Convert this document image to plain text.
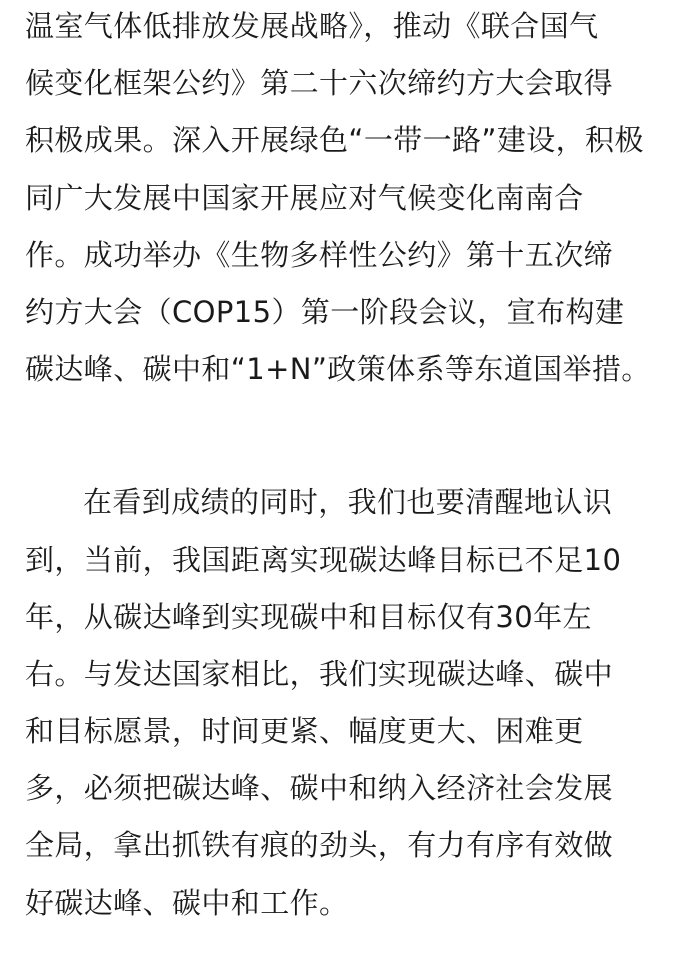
温室气体低排放发展战略》，推动《联合国气
候变化框架公约》第二十六次缔约方大会取得
积极成果。深入开展绿色“一带一路”建设，积极
同广大发展中国家开展应对气候变化南南合
作。成功举办《生物多样性公约》第十五次缔
约方大会（COP15）第一阶段会议，宣布构建
碳达峰、碳中和“1+N”政策体系等东道国举措。
在看到成绩的同时，我们也要清醒地认识
到，当前，我国距离实现碳达峰目标已不足10
年，从碳达峰到实现碳中和目标仅有30年左
右。与发达国家相比，我们实现碳达峰、碳中
和目标愿景，时间更紧、幅度更大、困难更
多，必须把碳达峰、碳中和纳入经济社会发展
全局，拿出抓铁有痕的劲头，有力有序有效做
好碳达峰、碳中和工作。
